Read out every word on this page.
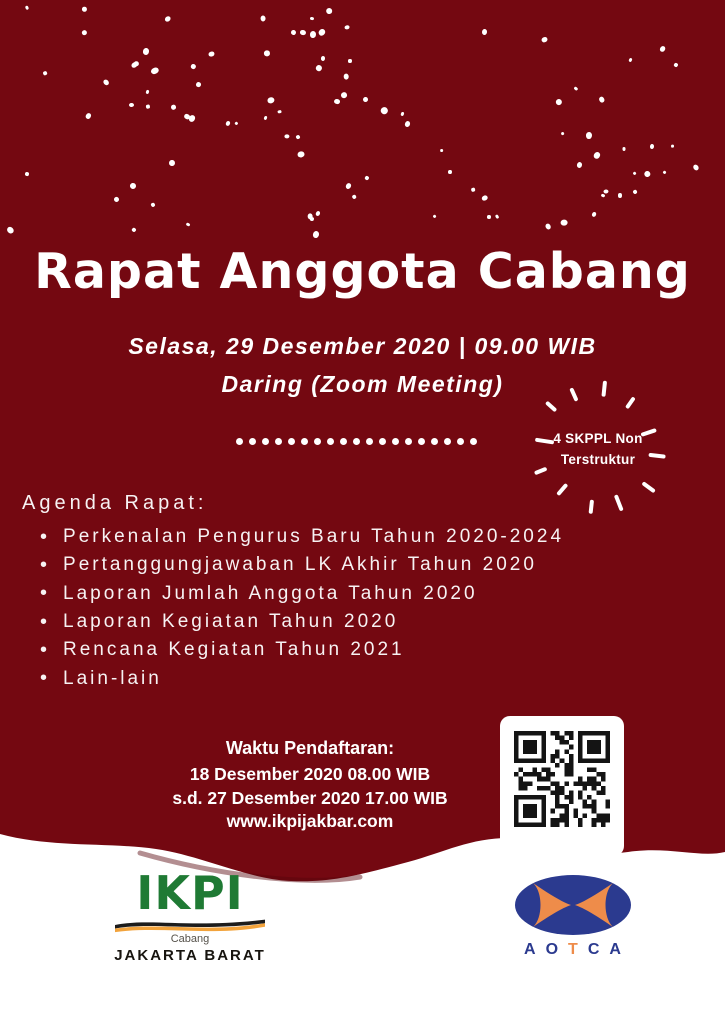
Rapat Anggota Cabang
Selasa, 29 Desember 2020 | 09.00 WIB
Daring (Zoom Meeting)
4 SKPPL Non
Terstruktur
Agenda Rapat:
• Perkenalan Pengurus Baru Tahun 2020-2024
• Pertanggungjawaban LK Akhir Tahun 2020
• Laporan Jumlah Anggota Tahun 2020
• Laporan Kegiatan Tahun 2020
• Rencana Kegiatan Tahun 2021
• Lain-lain
Waktu Pendaftaran:
18 Desember 2020 08.00 WIB
s.d. 27 Desember 2020 17.00 WIB
www.ikpijakbar.com
IKPI
Cabang
JAKARTA BARAT	A O T C A
